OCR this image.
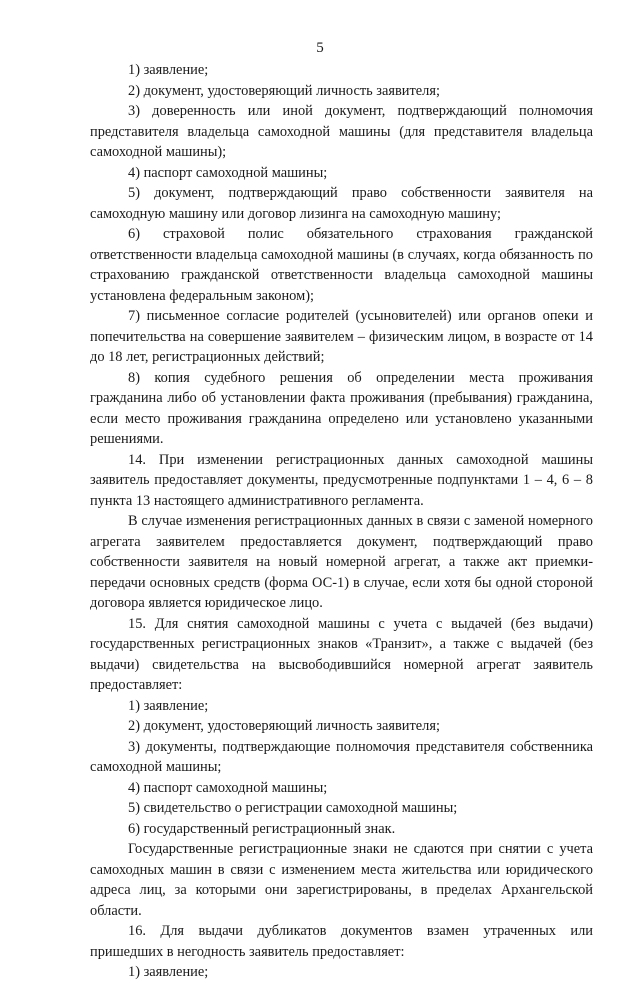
5

1) заявление;

2) документ, удостоверяющий личность заявителя;

3) доверенность или иной документ, подтверждающий полномочия представителя владельца самоходной машины (для представителя владельца самоходной машины);

4) паспорт самоходной машины;

5) документ, подтверждающий право собственности заявителя на самоходную машину или договор лизинга на самоходную машину;

6) страховой полис обязательного страхования гражданской ответственности владельца самоходной машины (в случаях, когда обязанность по страхованию гражданской ответственности владельца самоходной машины установлена федеральным законом);

7) письменное согласие родителей (усыновителей) или органов опеки и попечительства на совершение заявителем – физическим лицом, в возрасте от 14 до 18 лет, регистрационных действий;

8) копия судебного решения об определении места проживания гражданина либо об установлении факта проживания (пребывания) гражданина, если место проживания гражданина определено или установлено указанными решениями.

14. При изменении регистрационных данных самоходной машины заявитель предоставляет документы, предусмотренные подпунктами 1 – 4, 6 – 8 пункта 13 настоящего административного регламента.

В случае изменения регистрационных данных в связи с заменой номерного агрегата заявителем предоставляется документ, подтверждающий право собственности заявителя на новый номерной агрегат, а также акт приемки-передачи основных средств (форма ОС-1) в случае, если хотя бы одной стороной договора является юридическое лицо.

15. Для снятия самоходной машины с учета с выдачей (без выдачи) государственных регистрационных знаков «Транзит», а также с выдачей (без выдачи) свидетельства на высвободившийся номерной агрегат заявитель предоставляет:

1) заявление;

2) документ, удостоверяющий личность заявителя;

3) документы, подтверждающие полномочия представителя собственника самоходной машины;

4) паспорт самоходной машины;

5) свидетельство о регистрации самоходной машины;

6) государственный регистрационный знак.

Государственные регистрационные знаки не сдаются при снятии с учета самоходных машин в связи с изменением места жительства или юридического адреса лиц, за которыми они зарегистрированы, в пределах Архангельской области.

16. Для выдачи дубликатов документов взамен утраченных или пришедших в негодность заявитель предоставляет:

1) заявление;
